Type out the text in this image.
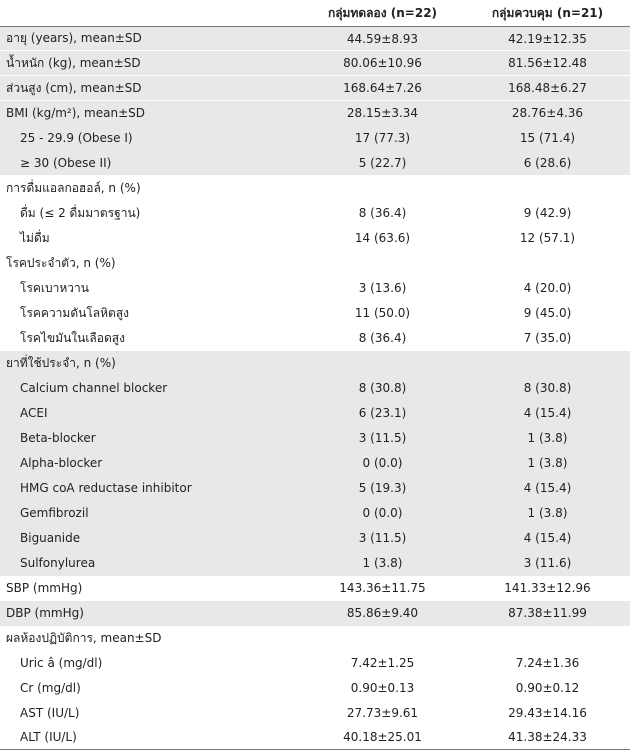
	กลุ่มทดลอง (n=22)	กลุ่มควบคุม (n=21)
อายุ (years), mean±SD	44.59±8.93	42.19±12.35
น้ำหนัก (kg), mean±SD	80.06±10.96	81.56±12.48
ส่วนสูง (cm), mean±SD	168.64±7.26	168.48±6.27
BMI (kg/m²), mean±SD	28.15±3.34	28.76±4.36
25 - 29.9 (Obese I)	17 (77.3)	15 (71.4)
≥ 30 (Obese II)	5 (22.7)	6 (28.6)
การดื่มแอลกอฮอล์, n (%)		
ดื่ม (≤ 2 ดื่มมาตรฐาน)	8 (36.4)	9 (42.9)
ไม่ดื่ม	14 (63.6)	12 (57.1)
โรคประจำตัว, n (%)		
โรคเบาหวาน	3 (13.6)	4 (20.0)
โรคความดันโลหิตสูง	11 (50.0)	9 (45.0)
โรคไขมันในเลือดสูง	8 (36.4)	7 (35.0)
ยาที่ใช้ประจำ, n (%)		
Calcium channel blocker	8 (30.8)	8 (30.8)
ACEI	6 (23.1)	4 (15.4)
Beta-blocker	3 (11.5)	1 (3.8)
Alpha-blocker	0 (0.0)	1 (3.8)
HMG coA reductase inhibitor	5 (19.3)	4 (15.4)
Gemfibrozil	0 (0.0)	1 (3.8)
Biguanide	3 (11.5)	4 (15.4)
Sulfonylurea	1 (3.8)	3 (11.6)
SBP (mmHg)	143.36±11.75	141.33±12.96
DBP (mmHg)	85.86±9.40	87.38±11.99
ผลห้องปฏิบัติการ, mean±SD		
Uric â (mg/dl)	7.42±1.25	7.24±1.36
Cr (mg/dl)	0.90±0.13	0.90±0.12
AST (IU/L)	27.73±9.61	29.43±14.16
ALT (IU/L)	40.18±25.01	41.38±24.33
